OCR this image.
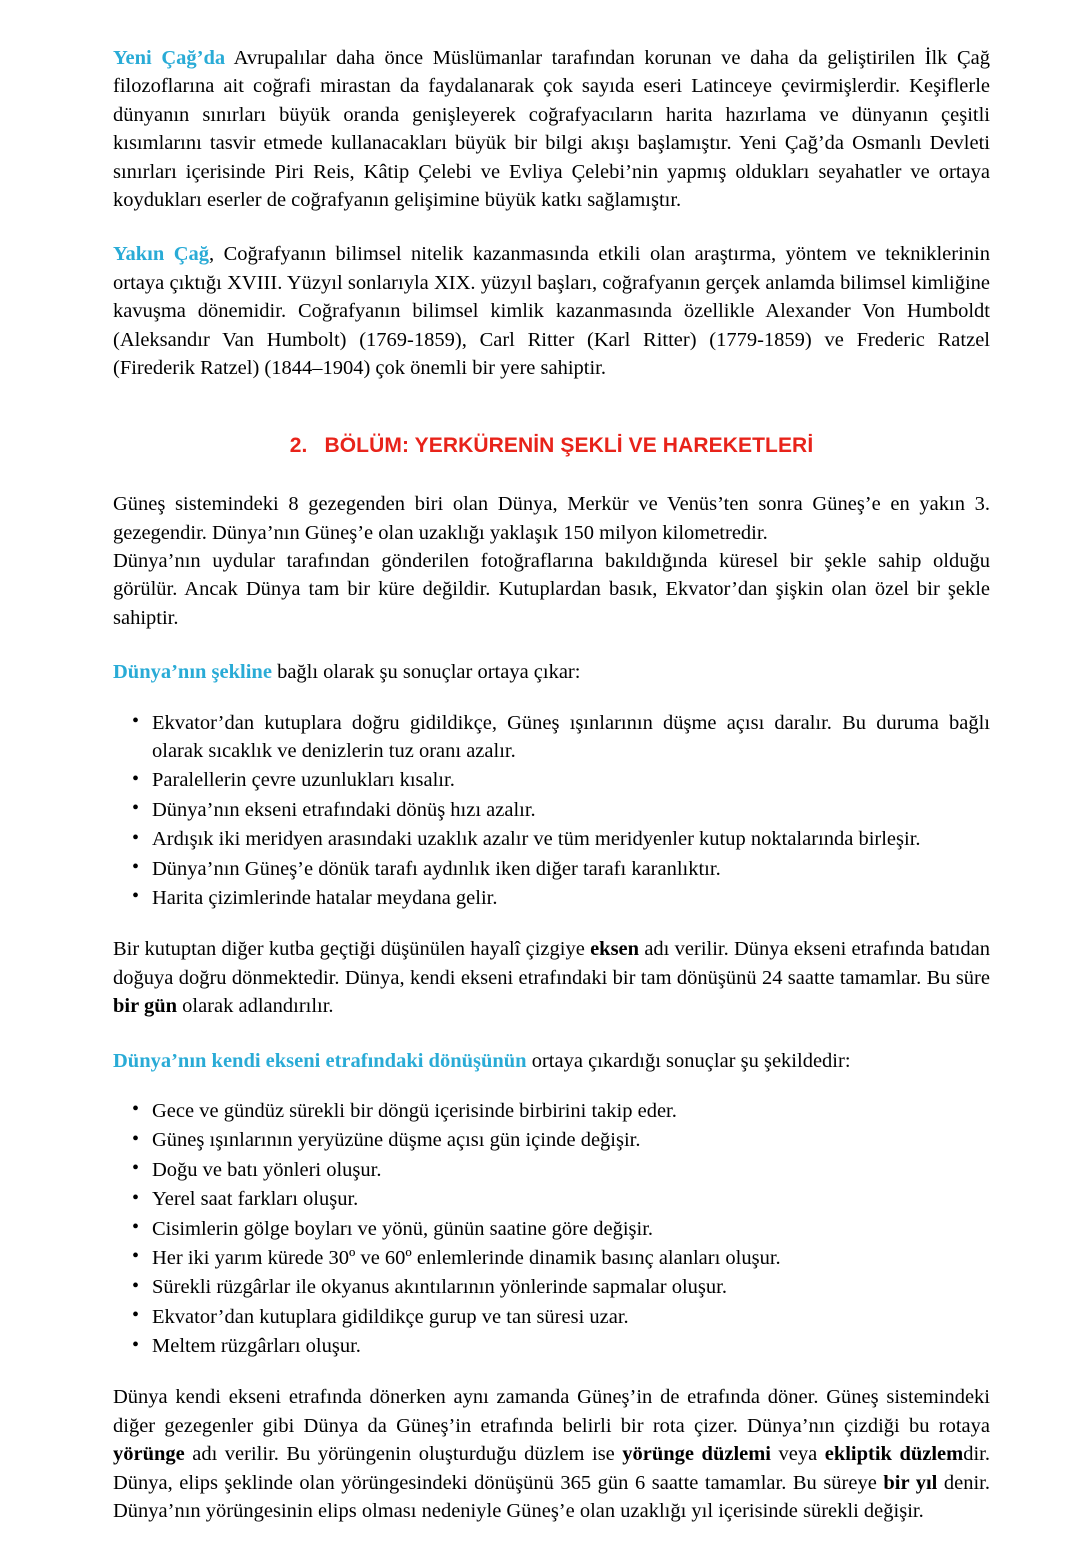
Yeni Çağ’da Avrupalılar daha önce Müslümanlar tarafından korunan ve daha da geliştirilen İlk Çağ filozoflarına ait coğrafi mirastan da faydalanarak çok sayıda eseri Latinceye çevirmişlerdir. Keşiflerle dünyanın sınırları büyük oranda genişleyerek coğrafyacıların harita hazırlama ve dünyanın çeşitli kısımlarını tasvir etmede kullanacakları büyük bir bilgi akışı başlamıştır. Yeni Çağ’da Osmanlı Devleti sınırları içerisinde Piri Reis, Kâtip Çelebi ve Evliya Çelebi’nin yapmış oldukları seyahatler ve ortaya koydukları eserler de coğrafyanın gelişimine büyük katkı sağlamıştır.

Yakın Çağ, Coğrafyanın bilimsel nitelik kazanmasında etkili olan araştırma, yöntem ve tekniklerinin ortaya çıktığı XVIII. Yüzyıl sonlarıyla XIX. yüzyıl başları, coğrafyanın gerçek anlamda bilimsel kimliğine kavuşma dönemidir. Coğrafyanın bilimsel kimlik kazanmasında özellikle Alexander Von Humboldt (Aleksandır Van Humbolt) (1769-1859), Carl Ritter (Karl Ritter) (1779-1859) ve Frederic Ratzel (Firederik Ratzel) (1844–1904) çok önemli bir yere sahiptir.

2. BÖLÜM: YERKÜRENİN ŞEKLİ VE HAREKETLERİ

Güneş sistemindeki 8 gezegenden biri olan Dünya, Merkür ve Venüs’ten sonra Güneş’e en yakın 3. gezegendir. Dünya’nın Güneş’e olan uzaklığı yaklaşık 150 milyon kilometredir.

Dünya’nın uydular tarafından gönderilen fotoğraflarına bakıldığında küresel bir şekle sahip olduğu görülür. Ancak Dünya tam bir küre değildir. Kutuplardan basık, Ekvator’dan şişkin olan özel bir şekle sahiptir.

Dünya’nın şekline bağlı olarak şu sonuçlar ortaya çıkar:

• Ekvator’dan kutuplara doğru gidildikçe, Güneş ışınlarının düşme açısı daralır. Bu duruma bağlı olarak sıcaklık ve denizlerin tuz oranı azalır.
• Paralellerin çevre uzunlukları kısalır.
• Dünya’nın ekseni etrafındaki dönüş hızı azalır.
• Ardışık iki meridyen arasındaki uzaklık azalır ve tüm meridyenler kutup noktalarında birleşir.
• Dünya’nın Güneş’e dönük tarafı aydınlık iken diğer tarafı karanlıktır.
• Harita çizimlerinde hatalar meydana gelir.

Bir kutuptan diğer kutba geçtiği düşünülen hayalî çizgiye eksen adı verilir. Dünya ekseni etrafında batıdan doğuya doğru dönmektedir. Dünya, kendi ekseni etrafındaki bir tam dönüşünü 24 saatte tamamlar. Bu süre bir gün olarak adlandırılır.

Dünya’nın kendi ekseni etrafındaki dönüşünün ortaya çıkardığı sonuçlar şu şekildedir:

• Gece ve gündüz sürekli bir döngü içerisinde birbirini takip eder.
• Güneş ışınlarının yeryüzüne düşme açısı gün içinde değişir.
• Doğu ve batı yönleri oluşur.
• Yerel saat farkları oluşur.
• Cisimlerin gölge boyları ve yönü, günün saatine göre değişir.
• Her iki yarım kürede 30º ve 60º enlemlerinde dinamik basınç alanları oluşur.
• Sürekli rüzgârlar ile okyanus akıntılarının yönlerinde sapmalar oluşur.
• Ekvator’dan kutuplara gidildikçe gurup ve tan süresi uzar.
• Meltem rüzgârları oluşur.

Dünya kendi ekseni etrafında dönerken aynı zamanda Güneş’in de etrafında döner. Güneş sistemindeki diğer gezegenler gibi Dünya da Güneş’in etrafında belirli bir rota çizer. Dünya’nın çizdiği bu rotaya yörünge adı verilir. Bu yörüngenin oluşturduğu düzlem ise yörünge düzlemi veya ekliptik düzlemdir. Dünya, elips şeklinde olan yörüngesindeki dönüşünü 365 gün 6 saatte tamamlar. Bu süreye bir yıl denir. Dünya’nın yörüngesinin elips olması nedeniyle Güneş’e olan uzaklığı yıl içerisinde sürekli değişir.
